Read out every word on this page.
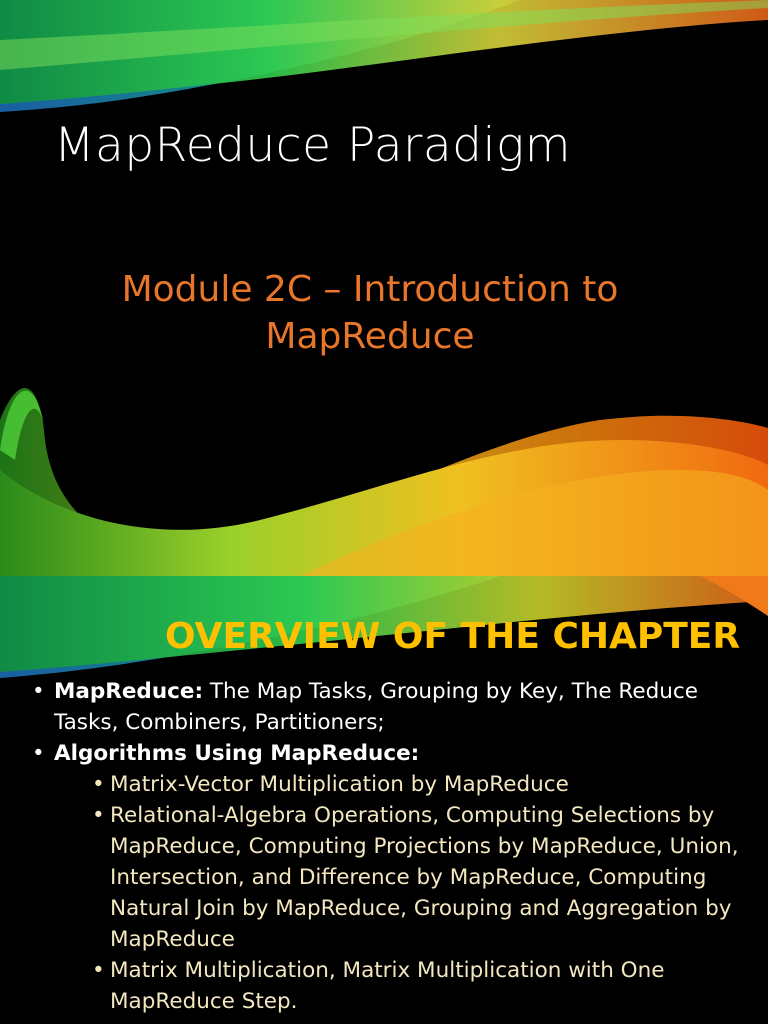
MapReduce Paradigm

Module 2C – Introduction to
MapReduce

OVERVIEW OF THE CHAPTER
• MapReduce: The Map Tasks, Grouping by Key, The Reduce Tasks, Combiners, Partitioners;
• Algorithms Using MapReduce:
• Matrix-Vector Multiplication by MapReduce
• Relational-Algebra Operations, Computing Selections by MapReduce, Computing Projections by MapReduce, Union, Intersection, and Difference by MapReduce, Computing Natural Join by MapReduce, Grouping and Aggregation by MapReduce
• Matrix Multiplication, Matrix Multiplication with One MapReduce Step.
